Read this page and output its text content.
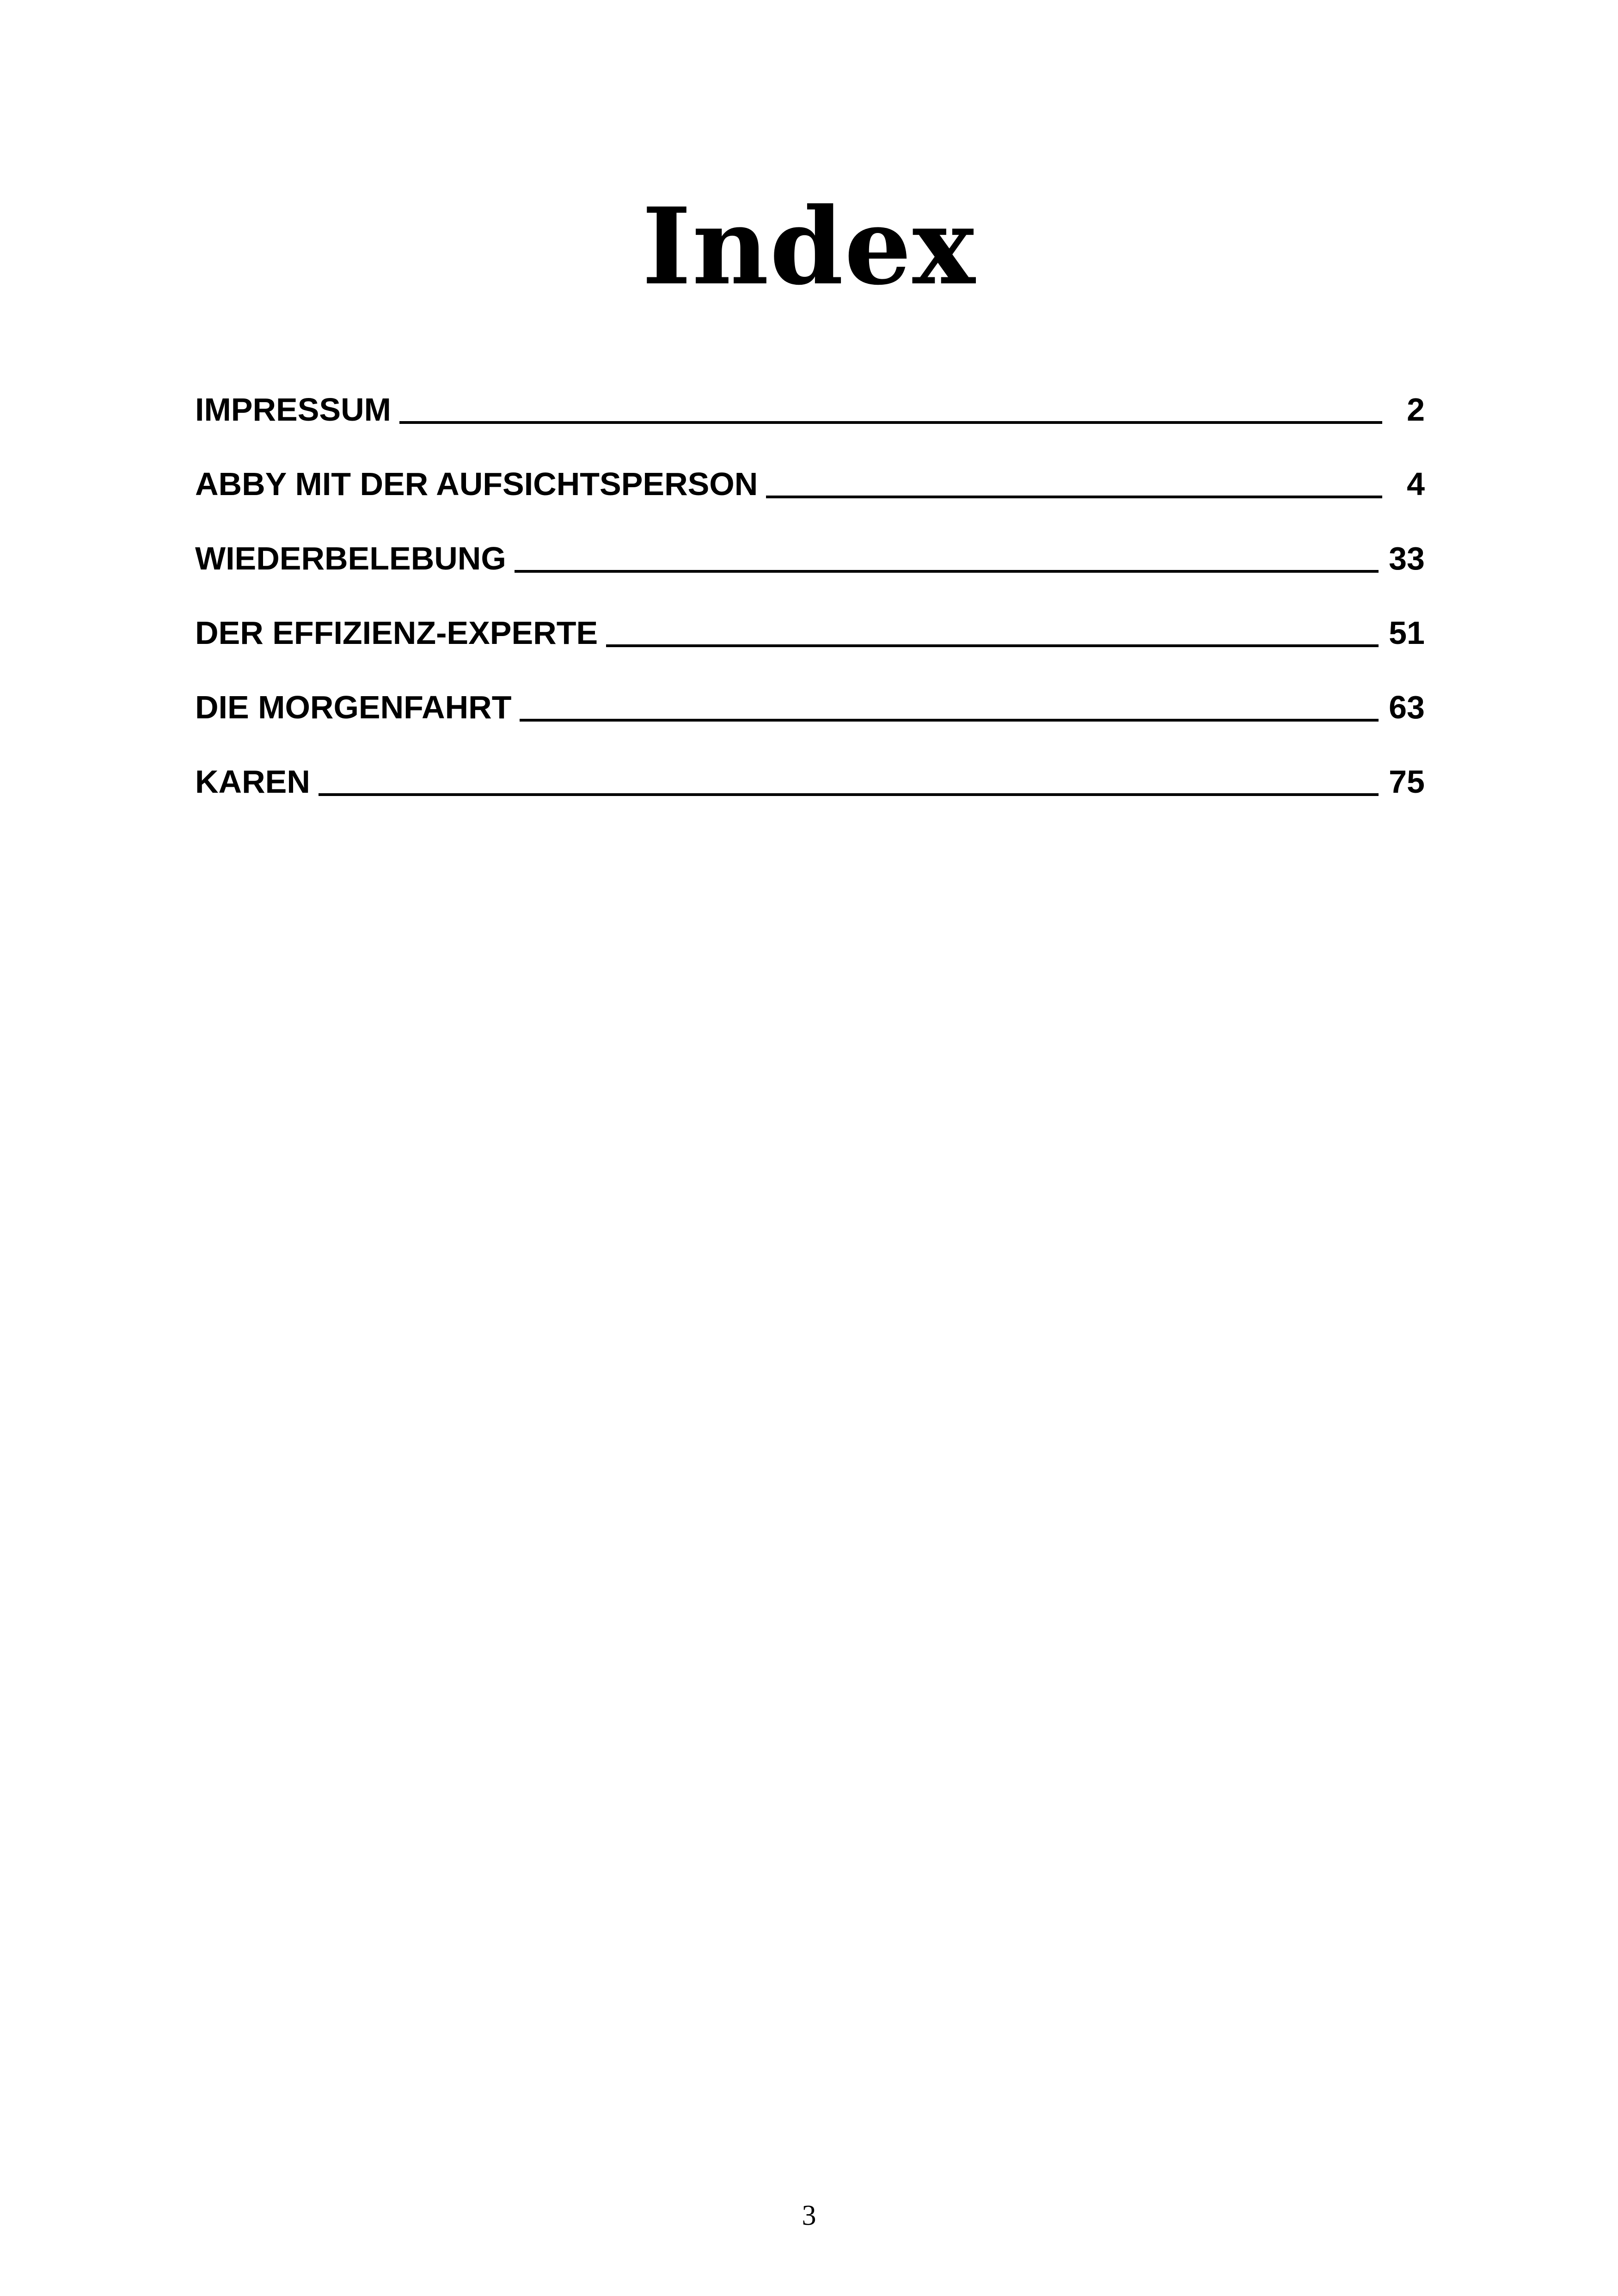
Index
IMPRESSUM	2
ABBY MIT DER AUFSICHTSPERSON	4
WIEDERBELEBUNG	33
DER EFFIZIENZ-EXPERTE	51
DIE MORGENFAHRT	63
KAREN	75
3
